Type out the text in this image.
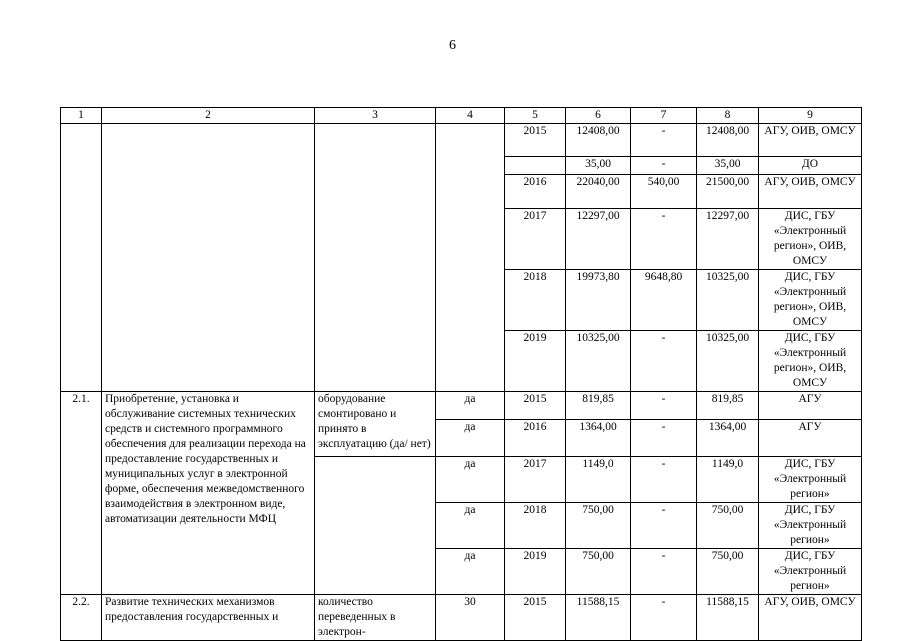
6
1	2	3	4	5	6	7	8	9
				2015	12408,00	-	12408,00	АГУ, ОИВ, ОМСУ
					35,00	-	35,00	ДО
				2016	22040,00	540,00	21500,00	АГУ, ОИВ, ОМСУ
				2017	12297,00	-	12297,00	ДИС, ГБУ «Электронный регион», ОИВ, ОМСУ
				2018	19973,80	9648,80	10325,00	ДИС, ГБУ «Электронный регион», ОИВ, ОМСУ
				2019	10325,00	-	10325,00	ДИС, ГБУ «Электронный регион», ОИВ, ОМСУ
2.1.	Приобретение, установка и обслуживание системных технических средств и системного программного обеспечения для реализации перехода на предоставление государственных и муниципальных услуг в электронной форме, обеспечения межведомственного взаимодействия в электронном виде, автоматизации деятельности МФЦ	оборудование смонтировано и принято в эксплуатацию (да/ нет)	да	2015	819,85	-	819,85	АГУ
			да	2016	1364,00	-	1364,00	АГУ
			да	2017	1149,0	-	1149,0	ДИС, ГБУ «Электронный регион»
			да	2018	750,00	-	750,00	ДИС, ГБУ «Электронный регион»
			да	2019	750,00	-	750,00	ДИС, ГБУ «Электронный регион»
2.2.	Развитие технических механизмов предоставления государственных и	количество переведенных в электрон-	30	2015	11588,15	-	11588,15	АГУ, ОИВ, ОМСУ
